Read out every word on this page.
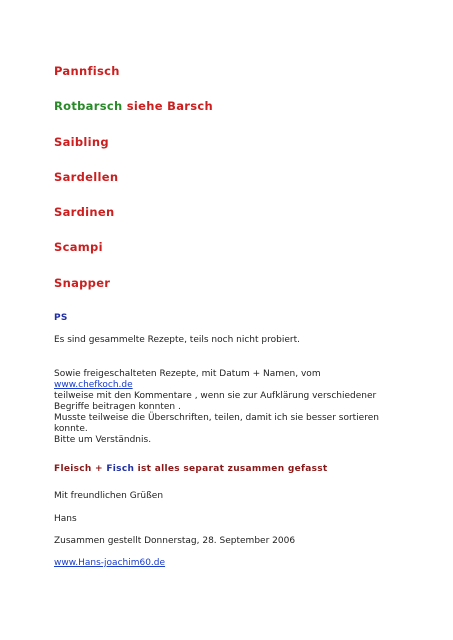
Pannfisch
Rotbarsch siehe Barsch
Saibling
Sardellen
Sardinen
Scampi
Snapper
PS
Es sind gesammelte Rezepte, teils noch nicht probiert.
Sowie freigeschalteten Rezepte, mit Datum + Namen, vom
www.chefkoch.de
teilweise mit den Kommentare , wenn sie zur Aufklärung verschiedener
Begriffe beitragen konnten .
Musste teilweise die Überschriften, teilen, damit ich sie besser sortieren
konnte.
Bitte um Verständnis.
Fleisch + Fisch ist alles separat zusammen gefasst
Mit freundlichen Grüßen
Hans
Zusammen gestellt Donnerstag, 28. September 2006
www.Hans-joachim60.de
